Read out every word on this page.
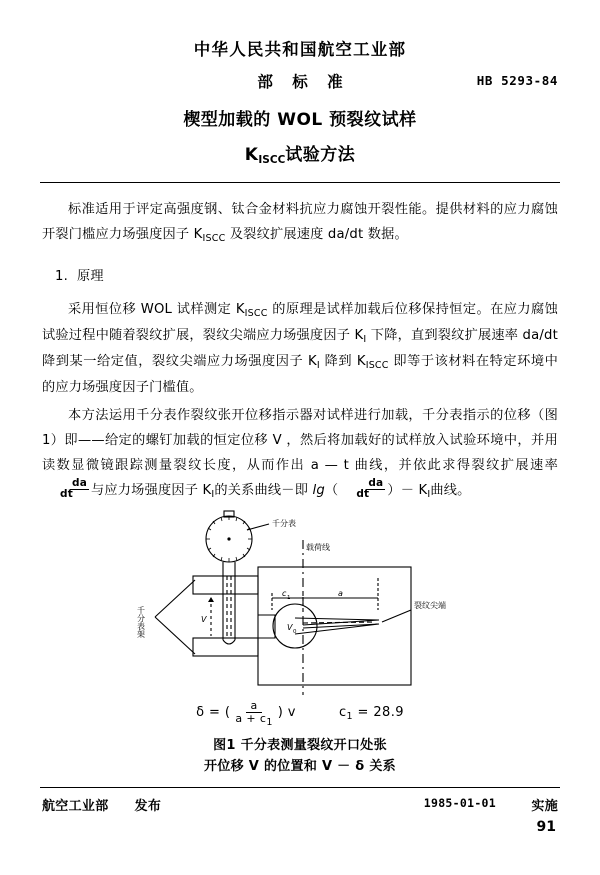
中华人民共和国航空工业部
部 标 准	HB 5293-84
楔型加载的 WOL 预裂纹试样
KISCC试验方法

标准适用于评定高强度钢、钛合金材料抗应力腐蚀开裂性能。提供材料的应力腐蚀开裂门槛应力场强度因子 $K_{ISCC}$ 及裂纹扩展速度 da/dt 数据。

1. 原理

采用恒位移 WOL 试样测定 $K_{ISCC}$ 的原理是试样加载后位移保持恒定。在应力腐蚀试验过程中随着裂纹扩展，裂纹尖端应力场强度因子 $K_I$ 下降，直到裂纹扩展速率 da/dt 降到某一给定值，裂纹尖端应力场强度因子 $K_I$ 降到 $K_{ISCC}$ 即等于该材料在特定环境中的应力场强度因子门槛值。

本方法运用千分表作裂纹张开位移指示器对试样进行加载，千分表指示的位移（图1）即——给定的螺钉加载的恒定位移 V ，然后将加载好的试样放入试验环境中，并用读数显微镜跟踪测量裂纹长度，从而作出 a — t 曲线，并依此求得裂纹扩展速率da
dt 与应力场强度因子 $K_I$的关系曲线－即 lg（	da
dt ）－ $K_I$曲线。

千分表
载荷线
裂纹尖端
c 1	a
V 0
V
千分表架
$\delta = (\frac{a}{a + c_1})$ v	$c_1 = 28.9$
图1 千分表测量裂纹开口处张
开位移 V 的位置和 V － δ 关系
航空工业部 发布	1985-01-01	实施
91
